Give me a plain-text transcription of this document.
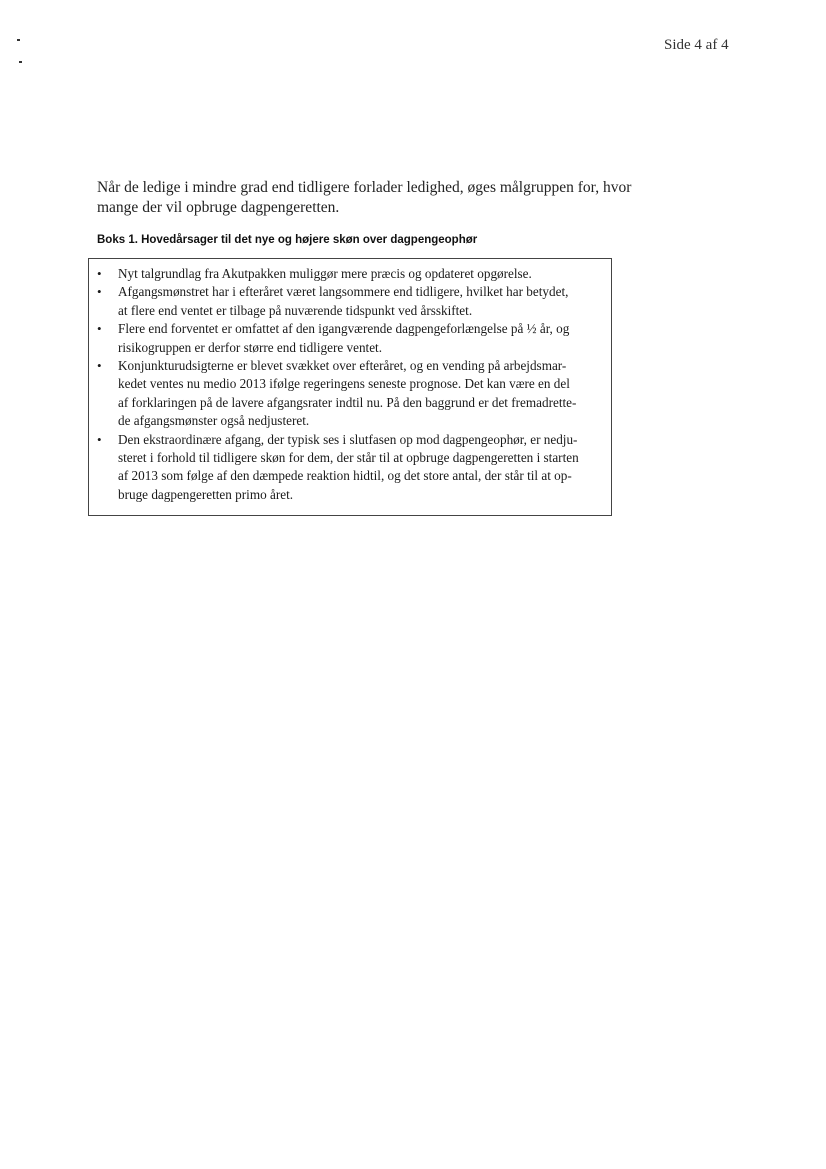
Side 4 af 4
Når de ledige i mindre grad end tidligere forlader ledighed, øges målgruppen for, hvor
mange der vil opbruge dagpengeretten.
Boks 1. Hovedårsager til det nye og højere skøn over dagpengeophør
• Nyt talgrundlag fra Akutpakken muliggør mere præcis og opdateret opgørelse.
• Afgangsmønstret har i efteråret været langsommere end tidligere, hvilket har betydet,
at flere end ventet er tilbage på nuværende tidspunkt ved årsskiftet.
• Flere end forventet er omfattet af den igangværende dagpengeforlængelse på ½ år, og
risikogruppen er derfor større end tidligere ventet.
• Konjunkturudsigterne er blevet svækket over efteråret, og en vending på arbejdsmar-
kedet ventes nu medio 2013 ifølge regeringens seneste prognose. Det kan være en del
af forklaringen på de lavere afgangsrater indtil nu. På den baggrund er det fremadrette-
de afgangsmønster også nedjusteret.
• Den ekstraordinære afgang, der typisk ses i slutfasen op mod dagpengeophør, er nedju-
steret i forhold til tidligere skøn for dem, der står til at opbruge dagpengeretten i starten
af 2013 som følge af den dæmpede reaktion hidtil, og det store antal, der står til at op-
bruge dagpengeretten primo året.
